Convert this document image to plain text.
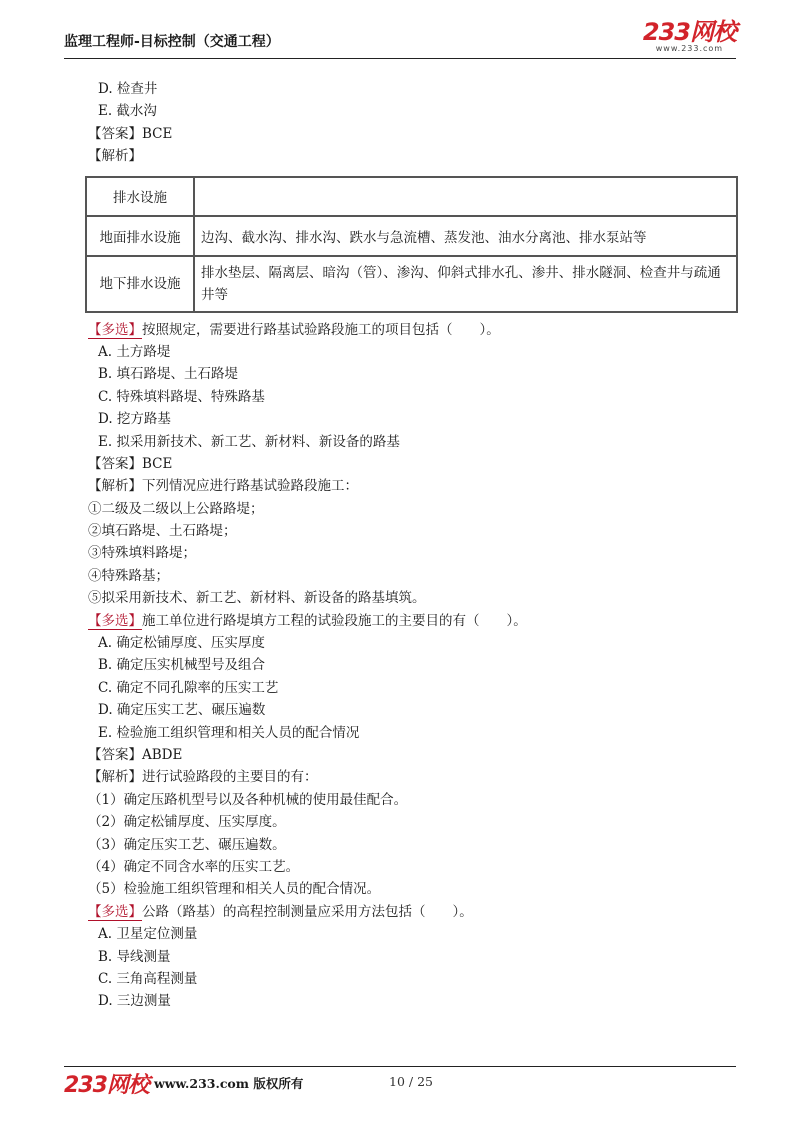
监理工程师-目标控制（交通工程）	233网校
www.233.com
D. 检查井
E. 截水沟
【答案】BCE
【解析】
排水设施	
地面排水设施	边沟、截水沟、排水沟、跌水与急流槽、蒸发池、油水分离池、排水泵站等
地下排水设施	排水垫层、隔离层、暗沟（管）、渗沟、仰斜式排水孔、渗井、排水隧洞、检查井与疏通井等
【多选】按照规定，需要进行路基试验路段施工的项目包括（　　）。
A. 土方路堤
B. 填石路堤、土石路堤
C. 特殊填料路堤、特殊路基
D. 挖方路基
E. 拟采用新技术、新工艺、新材料、新设备的路基
【答案】BCE
【解析】下列情况应进行路基试验路段施工：
①二级及二级以上公路路堤；
②填石路堤、土石路堤；
③特殊填料路堤；
④特殊路基；
⑤拟采用新技术、新工艺、新材料、新设备的路基填筑。
【多选】施工单位进行路堤填方工程的试验段施工的主要目的有（　　）。
A. 确定松铺厚度、压实厚度
B. 确定压实机械型号及组合
C. 确定不同孔隙率的压实工艺
D. 确定压实工艺、碾压遍数
E. 检验施工组织管理和相关人员的配合情况
【答案】ABDE
【解析】进行试验路段的主要目的有：
（1）确定压路机型号以及各种机械的使用最佳配合。
（2）确定松铺厚度、压实厚度。
（3）确定压实工艺、碾压遍数。
（4）确定不同含水率的压实工艺。
（5）检验施工组织管理和相关人员的配合情况。
【多选】公路（路基）的高程控制测量应采用方法包括（　　）。
A. 卫星定位测量
B. 导线测量
C. 三角高程测量
D. 三边测量
233网校 www.233.com 版权所有	10 / 25
